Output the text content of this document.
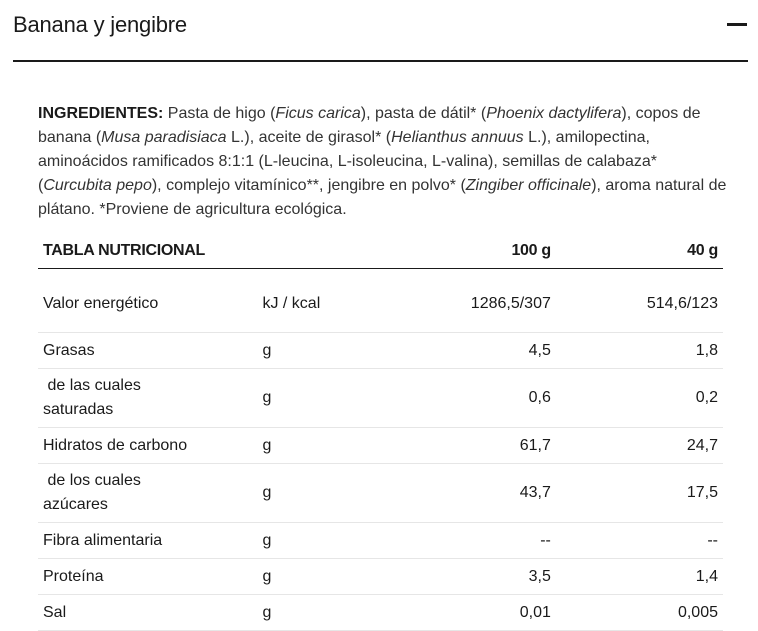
Banana y jengibre

INGREDIENTES: Pasta de higo (Ficus carica), pasta de dátil* (Phoenix dactylifera), copos de banana (Musa paradisiaca L.), aceite de girasol* (Helianthus annuus L.), amilopectina, aminoácidos ramificados 8:1:1 (L-leucina, L-isoleucina, L-valina), semillas de calabaza* (Curcubita pepo), complejo vitamínico**, jengibre en polvo* (Zingiber officinale), aroma natural de plátano. *Proviene de agricultura ecológica.

TABLA NUTRICIONAL		100 g	40 g
Valor energético	kJ / kcal	1286,5/307	514,6/123
Grasas	g	4,5	1,8
de las cuales saturadas	g	0,6	0,2
Hidratos de carbono	g	61,7	24,7
de los cuales azúcares	g	43,7	17,5
Fibra alimentaria	g	--	--
Proteína	g	3,5	1,4
Sal	g	0,01	0,005
